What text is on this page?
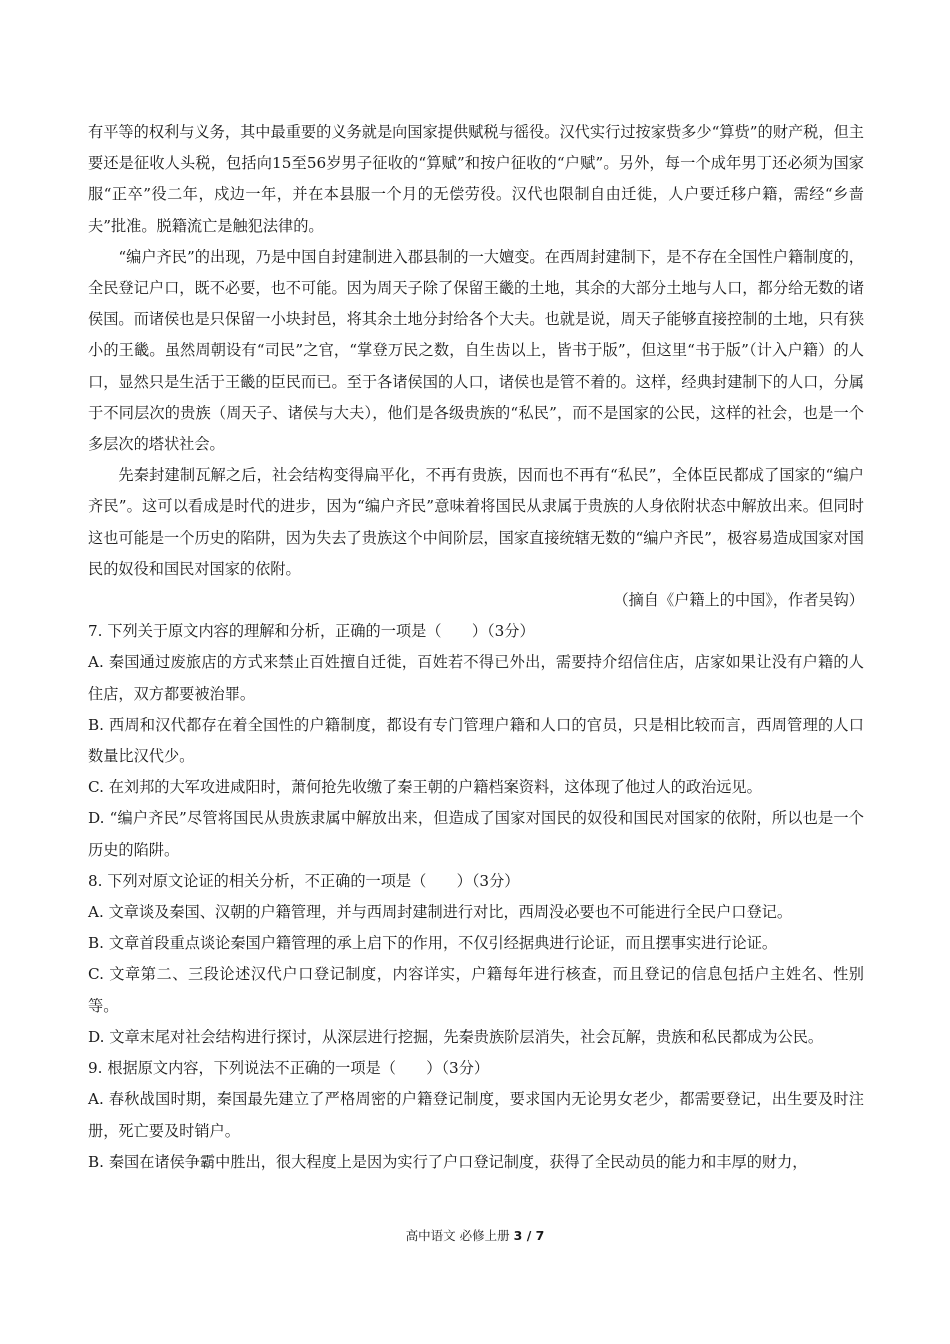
有平等的权利与义务，其中最重要的义务就是向国家提供赋税与徭役。汉代实行过按家赀多少“算赀”的财产税，但主要还是征收人头税，包括向15至56岁男子征收的“算赋”和按户征收的“户赋”。另外，每一个成年男丁还必须为国家服“正卒”役二年，戍边一年，并在本县服一个月的无偿劳役。汉代也限制自由迁徙，人户要迁移户籍，需经“乡啬夫”批准。脱籍流亡是触犯法律的。

“编户齐民”的出现，乃是中国自封建制进入郡县制的一大嬗变。在西周封建制下，是不存在全国性户籍制度的，全民登记户口，既不必要，也不可能。因为周天子除了保留王畿的土地，其余的大部分土地与人口，都分给无数的诸侯国。而诸侯也是只保留一小块封邑，将其余土地分封给各个大夫。也就是说，周天子能够直接控制的土地，只有狭小的王畿。虽然周朝设有“司民”之官，“掌登万民之数，自生齿以上，皆书于版”，但这里“书于版”（计入户籍）的人口，显然只是生活于王畿的臣民而已。至于各诸侯国的人口，诸侯也是管不着的。这样，经典封建制下的人口，分属于不同层次的贵族（周天子、诸侯与大夫），他们是各级贵族的“私民”，而不是国家的公民，这样的社会，也是一个多层次的塔状社会。

先秦封建制瓦解之后，社会结构变得扁平化，不再有贵族，因而也不再有“私民”，全体臣民都成了国家的“编户齐民”。这可以看成是时代的进步，因为“编户齐民”意味着将国民从隶属于贵族的人身依附状态中解放出来。但同时这也可能是一个历史的陷阱，因为失去了贵族这个中间阶层，国家直接统辖无数的“编户齐民”，极容易造成国家对国民的奴役和国民对国家的依附。

（摘自《户籍上的中国》，作者吴钩）

7. 下列关于原文内容的理解和分析，正确的一项是（　　）（3分）

A. 秦国通过废旅店的方式来禁止百姓擅自迁徙，百姓若不得已外出，需要持介绍信住店，店家如果让没有户籍的人住店，双方都要被治罪。

B. 西周和汉代都存在着全国性的户籍制度，都设有专门管理户籍和人口的官员，只是相比较而言，西周管理的人口数量比汉代少。

C. 在刘邦的大军攻进咸阳时，萧何抢先收缴了秦王朝的户籍档案资料，这体现了他过人的政治远见。

D. “编户齐民”尽管将国民从贵族隶属中解放出来，但造成了国家对国民的奴役和国民对国家的依附，所以也是一个历史的陷阱。

8. 下列对原文论证的相关分析，不正确的一项是（　　）（3分）

A. 文章谈及秦国、汉朝的户籍管理，并与西周封建制进行对比，西周没必要也不可能进行全民户口登记。

B. 文章首段重点谈论秦国户籍管理的承上启下的作用，不仅引经据典进行论证，而且摆事实进行论证。

C. 文章第二、三段论述汉代户口登记制度，内容详实，户籍每年进行核查，而且登记的信息包括户主姓名、性别等。

D. 文章末尾对社会结构进行探讨，从深层进行挖掘，先秦贵族阶层消失，社会瓦解，贵族和私民都成为公民。

9. 根据原文内容，下列说法不正确的一项是（　　）（3分）

A. 春秋战国时期，秦国最先建立了严格周密的户籍登记制度，要求国内无论男女老少，都需要登记，出生要及时注册，死亡要及时销户。

B. 秦国在诸侯争霸中胜出，很大程度上是因为实行了户口登记制度，获得了全民动员的能力和丰厚的财力，

高中语文 必修上册 3 / 7
